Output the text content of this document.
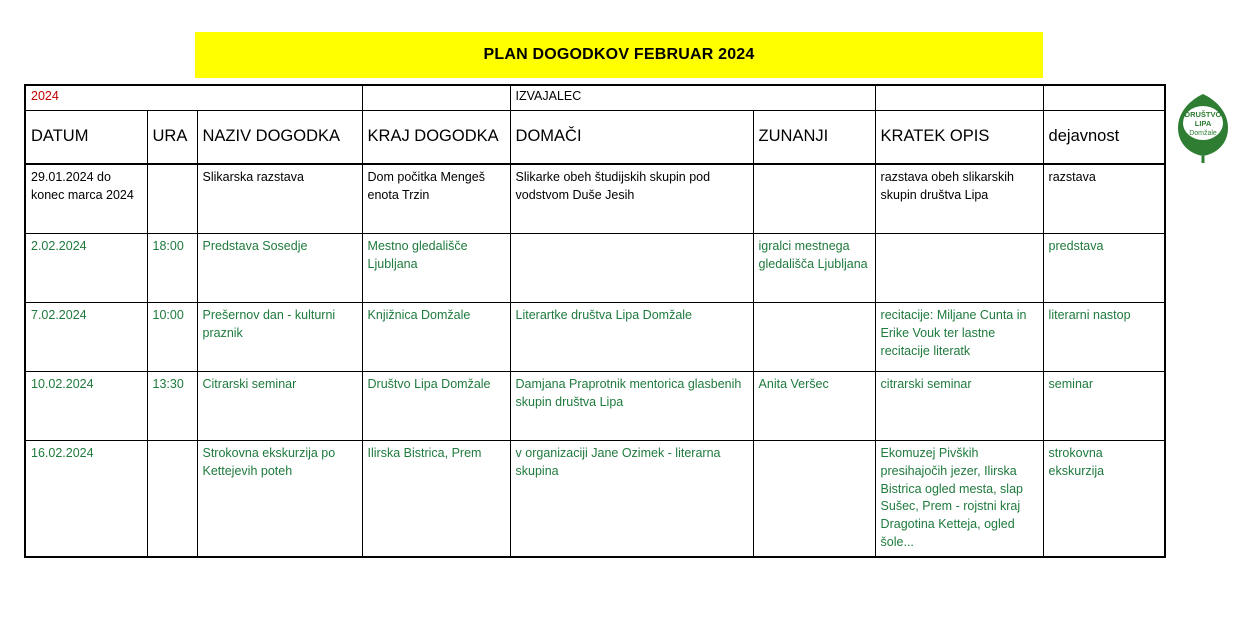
PLAN DOGODKOV FEBRUAR 2024
2024				IZVAJALEC			
DATUM	URA	NAZIV DOGODKA	KRAJ DOGODKA	DOMAČI	ZUNANJI	KRATEK OPIS	dejavnost
29.01.2024 do konec marca 2024		Slikarska razstava	Dom počitka Mengeš enota Trzin	Slikarke obeh študijskih skupin pod vodstvom Duše Jesih		razstava obeh slikarskih skupin društva Lipa	razstava
2.02.2024	18:00	Predstava Sosedje	Mestno gledališče Ljubljana		igralci mestnega gledališča Ljubljana		predstava
7.02.2024	10:00	Prešernov dan - kulturni praznik	Knjižnica Domžale	Literartke društva Lipa Domžale		recitacije: Miljane Cunta in Erike Vouk ter lastne recitacije literatk	literarni nastop
10.02.2024	13:30	Citrarski seminar	Društvo Lipa Domžale	Damjana Praprotnik mentorica glasbenih skupin društva Lipa	Anita Veršec	citrarski seminar	seminar
16.02.2024		Strokovna ekskurzija po Kettejevih poteh	Ilirska Bistrica, Prem	v organizaciji Jane Ozimek - literarna skupina		Ekomuzej Pivških presihajočih jezer, Ilirska Bistrica ogled mesta, slap Sušec, Prem - rojstni kraj Dragotina Ketteja, ogled šole...	strokovna ekskurzija
DRUŠTVO
LIPA
Domžale
